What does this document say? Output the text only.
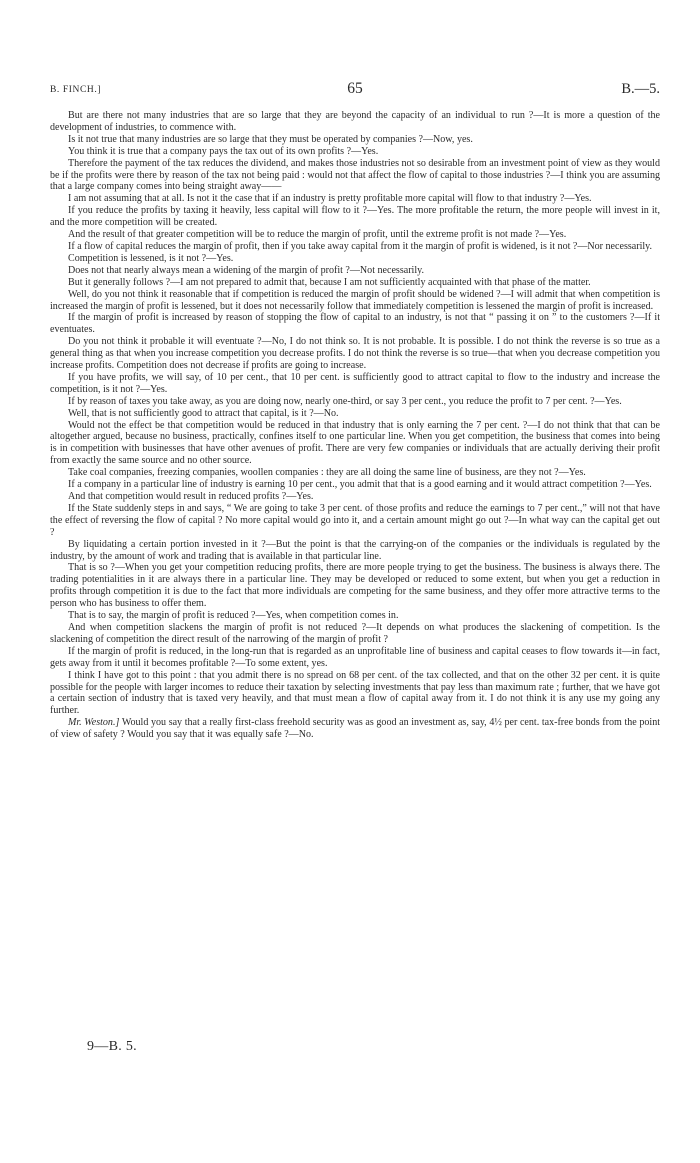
B. FINCH.]	65	B.—5.

But are there not many industries that are so large that they are beyond the capacity of an individual to run ?—It is more a question of the development of industries, to commence with.

Is it not true that many industries are so large that they must be operated by companies ?—Now, yes.

You think it is true that a company pays the tax out of its own profits ?—Yes.

Therefore the payment of the tax reduces the dividend, and makes those industries not so desirable from an investment point of view as they would be if the profits were there by reason of the tax not being paid : would not that affect the flow of capital to those industries ?—I think you are assuming that a large company comes into being straight away——

I am not assuming that at all. Is not it the case that if an industry is pretty profitable more capital will flow to that industry ?—Yes.

If you reduce the profits by taxing it heavily, less capital will flow to it ?—Yes. The more profitable the return, the more people will invest in it, and the more competition will be created.

And the result of that greater competition will be to reduce the margin of profit, until the extreme profit is not made ?—Yes.

If a flow of capital reduces the margin of profit, then if you take away capital from it the margin of profit is widened, is it not ?—Nor necessarily.

Competition is lessened, is it not ?—Yes.

Does not that nearly always mean a widening of the margin of profit ?—Not necessarily.

But it generally follows ?—I am not prepared to admit that, because I am not sufficiently acquainted with that phase of the matter.

Well, do you not think it reasonable that if competition is reduced the margin of profit should be widened ?—I will admit that when competition is increased the margin of profit is lessened, but it does not necessarily follow that immediately competition is lessened the margin of profit is increased.

If the margin of profit is increased by reason of stopping the flow of capital to an industry, is not that “ passing it on ” to the customers ?—If it eventuates.

Do you not think it probable it will eventuate ?—No, I do not think so. It is not probable. It is possible. I do not think the reverse is so true as a general thing as that when you increase competition you decrease profits. I do not think the reverse is so true—that when you decrease competition you increase profits. Competition does not decrease if profits are going to increase.

If you have profits, we will say, of 10 per cent., that 10 per cent. is sufficiently good to attract capital to flow to the industry and increase the competition, is it not ?—Yes.

If by reason of taxes you take away, as you are doing now, nearly one-third, or say 3 per cent., you reduce the profit to 7 per cent. ?—Yes.

Well, that is not sufficiently good to attract that capital, is it ?—No.

Would not the effect be that competition would be reduced in that industry that is only earning the 7 per cent. ?—I do not think that that can be altogether argued, because no business, practically, confines itself to one particular line. When you get competition, the business that comes into being is in competition with businesses that have other avenues of profit. There are very few companies or individuals that are actually deriving their profit from exactly the same source and no other source.

Take coal companies, freezing companies, woollen companies : they are all doing the same line of business, are they not ?—Yes.

If a company in a particular line of industry is earning 10 per cent., you admit that that is a good earning and it would attract competition ?—Yes.

And that competition would result in reduced profits ?—Yes.

If the State suddenly steps in and says, “ We are going to take 3 per cent. of those profits and reduce the earnings to 7 per cent.,” will not that have the effect of reversing the flow of capital ? No more capital would go into it, and a certain amount might go out ?—In what way can the capital get out ?

By liquidating a certain portion invested in it ?—But the point is that the carrying-on of the companies or the individuals is regulated by the industry, by the amount of work and trading that is available in that particular line.

That is so ?—When you get your competition reducing profits, there are more people trying to get the business. The business is always there. The trading potentialities in it are always there in a particular line. They may be developed or reduced to some extent, but when you get a reduction in profits through competition it is due to the fact that more individuals are competing for the same business, and they offer more attractive terms to the person who has business to offer them.

That is to say, the margin of profit is reduced ?—Yes, when competition comes in.

And when competition slackens the margin of profit is not reduced ?—It depends on what produces the slackening of competition. Is the slackening of competition the direct result of the narrowing of the margin of profit ?

If the margin of profit is reduced, in the long-run that is regarded as an unprofitable line of business and capital ceases to flow towards it—in fact, gets away from it until it becomes profitable ?—To some extent, yes.

I think I have got to this point : that you admit there is no spread on 68 per cent. of the tax collected, and that on the other 32 per cent. it is quite possible for the people with larger incomes to reduce their taxation by selecting investments that pay less than maximum rate ; further, that we have got a certain section of industry that is taxed very heavily, and that must mean a flow of capital away from it. I do not think it is any use my going any further.

Mr. Weston.] Would you say that a really first-class freehold security was as good an investment as, say, 4½ per cent. tax-free bonds from the point of view of safety ? Would you say that it was equally safe ?—No.

9—B. 5.
